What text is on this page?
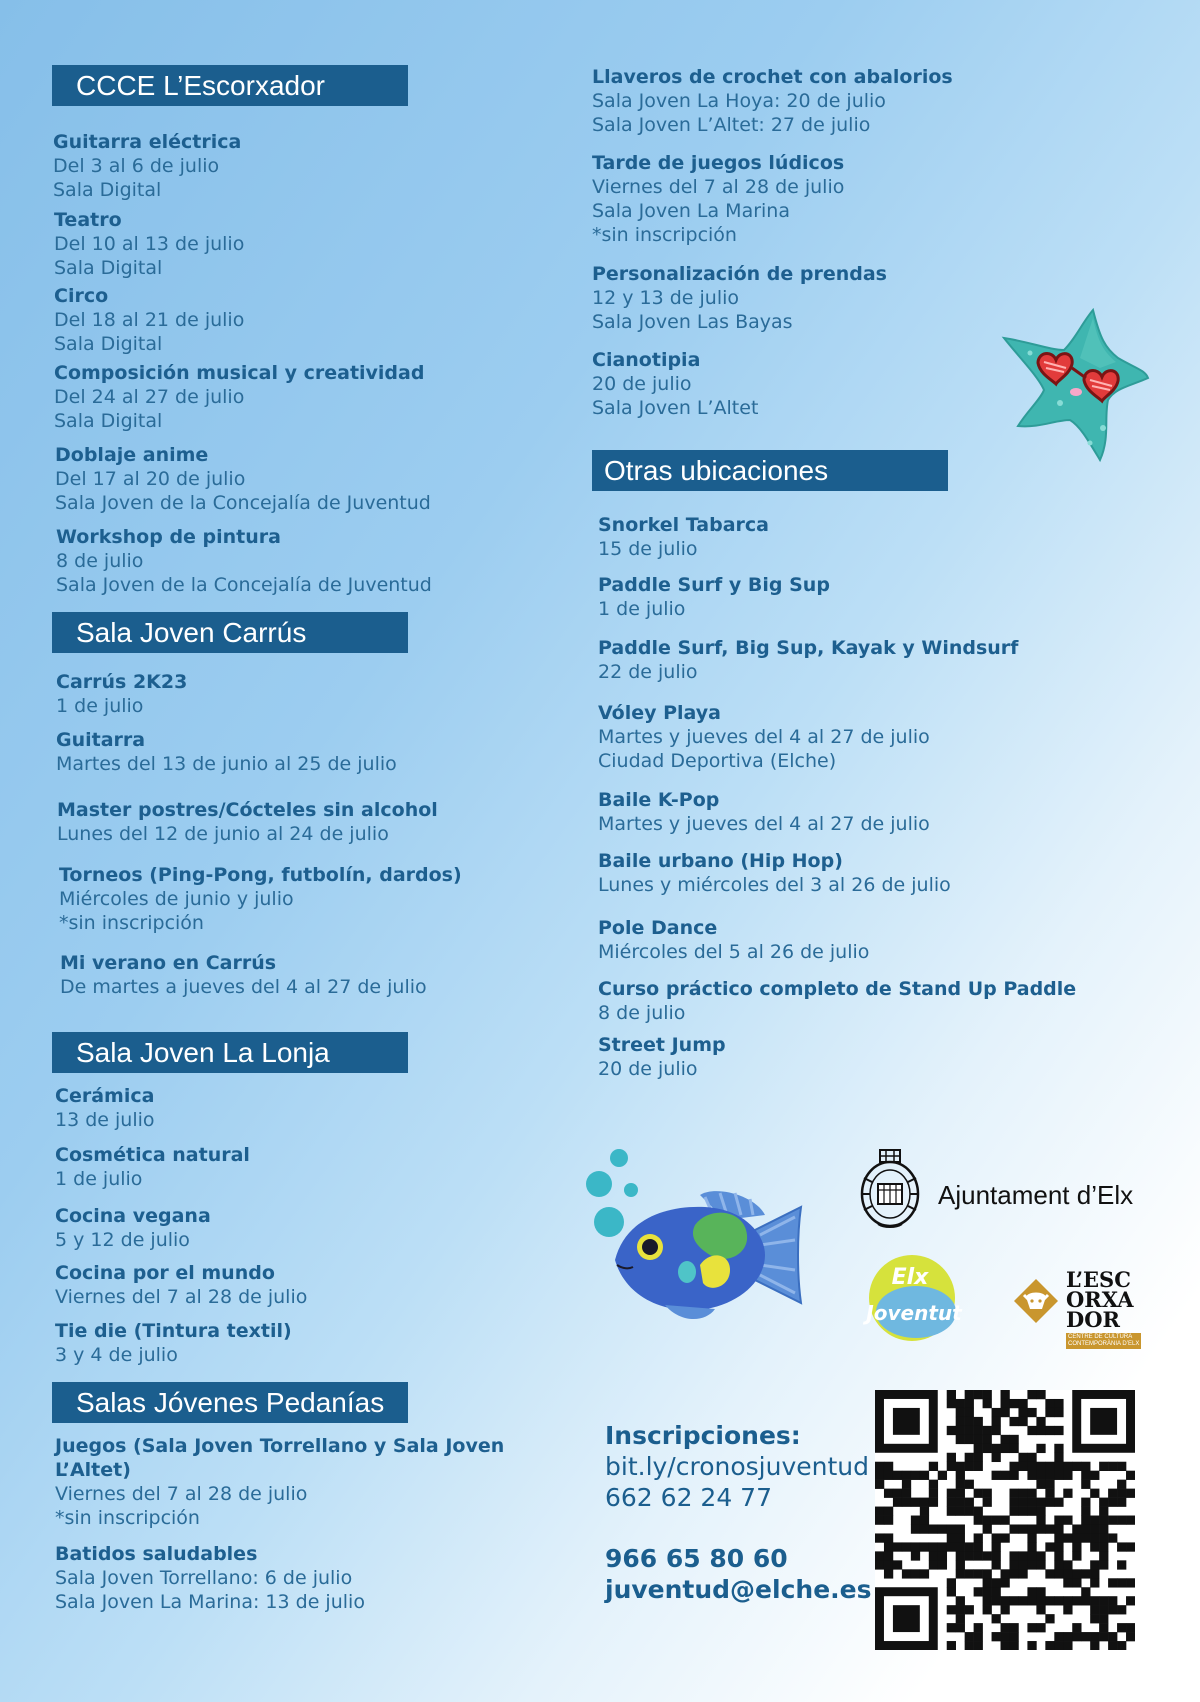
CCCE L’Escorxador
Sala Joven Carrús
Sala Joven La Lonja
Salas Jóvenes Pedanías
Otras ubicaciones
Guitarra eléctrica
Del 3 al 6 de julio
Sala Digital
Teatro
Del 10 al 13 de julio
Sala Digital
Circo
Del 18 al 21 de julio
Sala Digital
Composición musical y creatividad
Del 24 al 27 de julio
Sala Digital
Doblaje anime
Del 17 al 20 de julio
Sala Joven de la Concejalía de Juventud
Workshop de pintura
8 de julio
Sala Joven de la Concejalía de Juventud
Carrús 2K23
1 de julio
Guitarra
Martes del 13 de junio al 25 de julio
Master postres/Cócteles sin alcohol
Lunes del 12 de junio al 24 de julio
Torneos (Ping-Pong, futbolín, dardos)
Miércoles de junio y julio
*sin inscripción
Mi verano en Carrús
De martes a jueves del 4 al 27 de julio
Cerámica
13 de julio
Cosmética natural
1 de julio
Cocina vegana
5 y 12 de julio
Cocina por el mundo
Viernes del 7 al 28 de julio
Tie die (Tintura textil)
3 y 4 de julio
Juegos (Sala Joven Torrellano y Sala Joven
L’Altet)
Viernes del 7 al 28 de julio
*sin inscripción
Batidos saludables
Sala Joven Torrellano: 6 de julio
Sala Joven La Marina: 13 de julio
Llaveros de crochet con abalorios
Sala Joven La Hoya: 20 de julio
Sala Joven L’Altet: 27 de julio
Tarde de juegos lúdicos
Viernes del 7 al 28 de julio
Sala Joven La Marina
*sin inscripción
Personalización de prendas
12 y 13 de julio
Sala Joven Las Bayas
Cianotipia
20 de julio
Sala Joven L’Altet
Snorkel Tabarca
15 de julio
Paddle Surf y Big Sup
1 de julio
Paddle Surf, Big Sup, Kayak y Windsurf
22 de julio
Vóley Playa
Martes y jueves del 4 al 27 de julio
Ciudad Deportiva (Elche)
Baile K-Pop
Martes y jueves del 4 al 27 de julio
Baile urbano (Hip Hop)
Lunes y miércoles del 3 al 26 de julio
Pole Dance
Miércoles del 5 al 26 de julio
Curso práctico completo de Stand Up Paddle
8 de julio
Street Jump
20 de julio
Ajuntament d’Elx
Elx
Joventut
L’ESC
ORXA
DOR
CENTRE DE CULTURA
CONTEMPORÀNIA D’ELX
Inscripciones:
bit.ly/cronosjuventud
662 62 24 77
966 65 80 60
juventud@elche.es
